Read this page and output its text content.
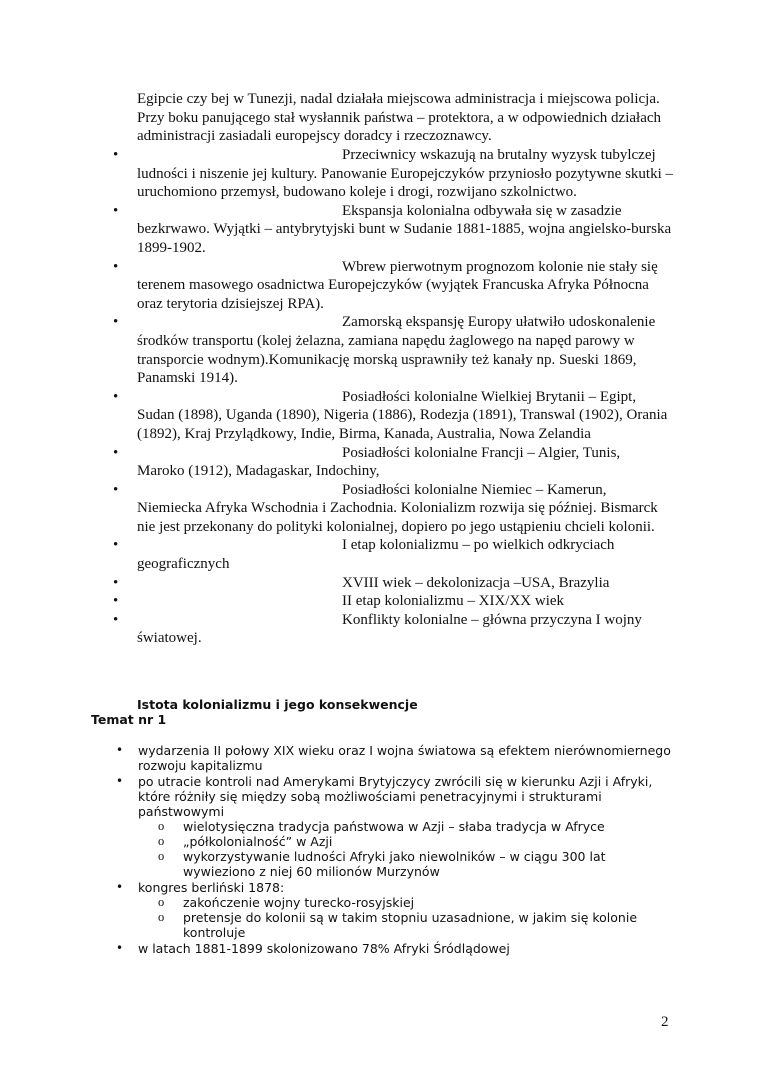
Egipcie czy bej w Tunezji, nadal działała miejscowa administracja i miejscowa policja. Przy boku panującego stał wysłannik państwa – protektora, a w odpowiednich działach administracji zasiadali europejscy doradcy i rzeczoznawcy.

•	Przeciwnicy wskazują na brutalny wyzysk tubylczej
ludności i niszenie jej kultury. Panowanie Europejczyków przyniosło pozytywne skutki – uruchomiono przemysł, budowano koleje i drogi, rozwijano szkolnictwo.
•	Ekspansja kolonialna odbywała się w zasadzie
bezkrwawo. Wyjątki – antybrytyjski bunt w Sudanie 1881-1885, wojna angielsko-burska 1899-1902.
•	Wbrew pierwotnym prognozom kolonie nie stały się
terenem masowego osadnictwa Europejczyków (wyjątek Francuska Afryka Północna oraz terytoria dzisiejszej RPA).
•	Zamorską ekspansję Europy ułatwiło udoskonalenie
środków transportu (kolej żelazna, zamiana napędu żaglowego na napęd parowy w transporcie wodnym).Komunikację morską usprawniły też kanały np. Sueski 1869, Panamski 1914).
•	Posiadłości kolonialne Wielkiej Brytanii – Egipt,
Sudan (1898), Uganda (1890), Nigeria (1886), Rodezja (1891), Transwal (1902), Orania (1892), Kraj Przylądkowy, Indie, Birma, Kanada, Australia, Nowa Zelandia
•	Posiadłości kolonialne Francji – Algier, Tunis,
Maroko (1912), Madagaskar, Indochiny,
•	Posiadłości kolonialne Niemiec – Kamerun,
Niemiecka Afryka Wschodnia i Zachodnia. Kolonializm rozwija się później. Bismarck nie jest przekonany do polityki kolonialnej, dopiero po jego ustąpieniu chcieli kolonii.
•	I etap kolonializmu – po wielkich odkryciach
geograficznych
•	XVIII wiek – dekolonizacja –USA, Brazylia
•	II etap kolonializmu – XIX/XX wiek
•	Konflikty kolonialne – główna przyczyna I wojny
światowej.

Istota kolonializmu i jego konsekwencje

Temat nr 1

• wydarzenia II połowy XIX wieku oraz I wojna światowa są efektem nierównomiernego rozwoju kapitalizmu
• po utracie kontroli nad Amerykami Brytyjczycy zwrócili się w kierunku Azji i Afryki, które różniły się między sobą możliwościami penetracyjnymi i strukturami państwowymi
o wielotysięczna tradycja państwowa w Azji – słaba tradycja w Afryce
o „półkolonialność” w Azji
o wykorzystywanie ludności Afryki jako niewolników – w ciągu 300 lat wywieziono z niej 60 milionów Murzynów
• kongres berliński 1878:
o zakończenie wojny turecko-rosyjskiej
o pretensje do kolonii są w takim stopniu uzasadnione, w jakim się kolonie kontroluje
• w latach 1881-1899 skolonizowano 78% Afryki Śródlądowej
2
